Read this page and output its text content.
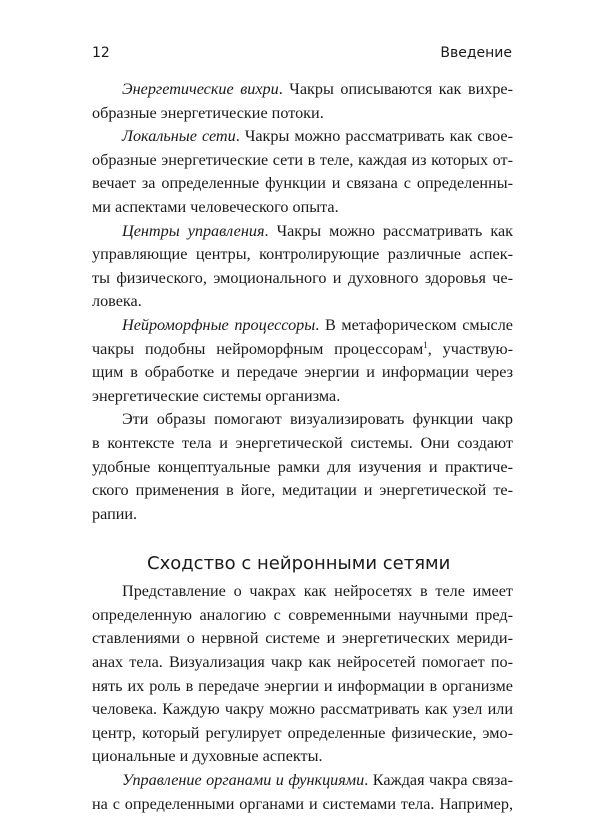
12	Введение
Энергетические вихри. Чакры описываются как вихре-
образные энергетические потоки.
Локальные сети. Чакры можно рассматривать как свое-
образные энергетические сети в теле, каждая из которых от-
вечает за определенные функции и связана с определенны-
ми аспектами человеческого опыта.
Центры управления. Чакры можно рассматривать как
управляющие центры, контролирующие различные аспек-
ты физического, эмоционального и духовного здоровья че-
ловека.
Нейроморфные процессоры. В метафорическом смысле
чакры подобны нейроморфным процессорам$^1$, участвую-
щим в обработке и передаче энергии и информации через
энергетические системы организма.
Эти образы помогают визуализировать функции чакр
в контексте тела и энергетической системы. Они создают
удобные концептуальные рамки для изучения и практиче-
ского применения в йоге, медитации и энергетической те-
рапии.
Сходство с нейронными сетями
Представление о чакрах как нейросетях в теле имеет
определенную аналогию с современными научными пред-
ставлениями о нервной системе и энергетических мериди-
анах тела. Визуализация чакр как нейросетей помогает по-
нять их роль в передаче энергии и информации в организме
человека. Каждую чакру можно рассматривать как узел или
центр, который регулирует определенные физические, эмо-
циональные и духовные аспекты.
Управление органами и функциями. Каждая чакра связа-
на с определенными органами и системами тела. Например,
